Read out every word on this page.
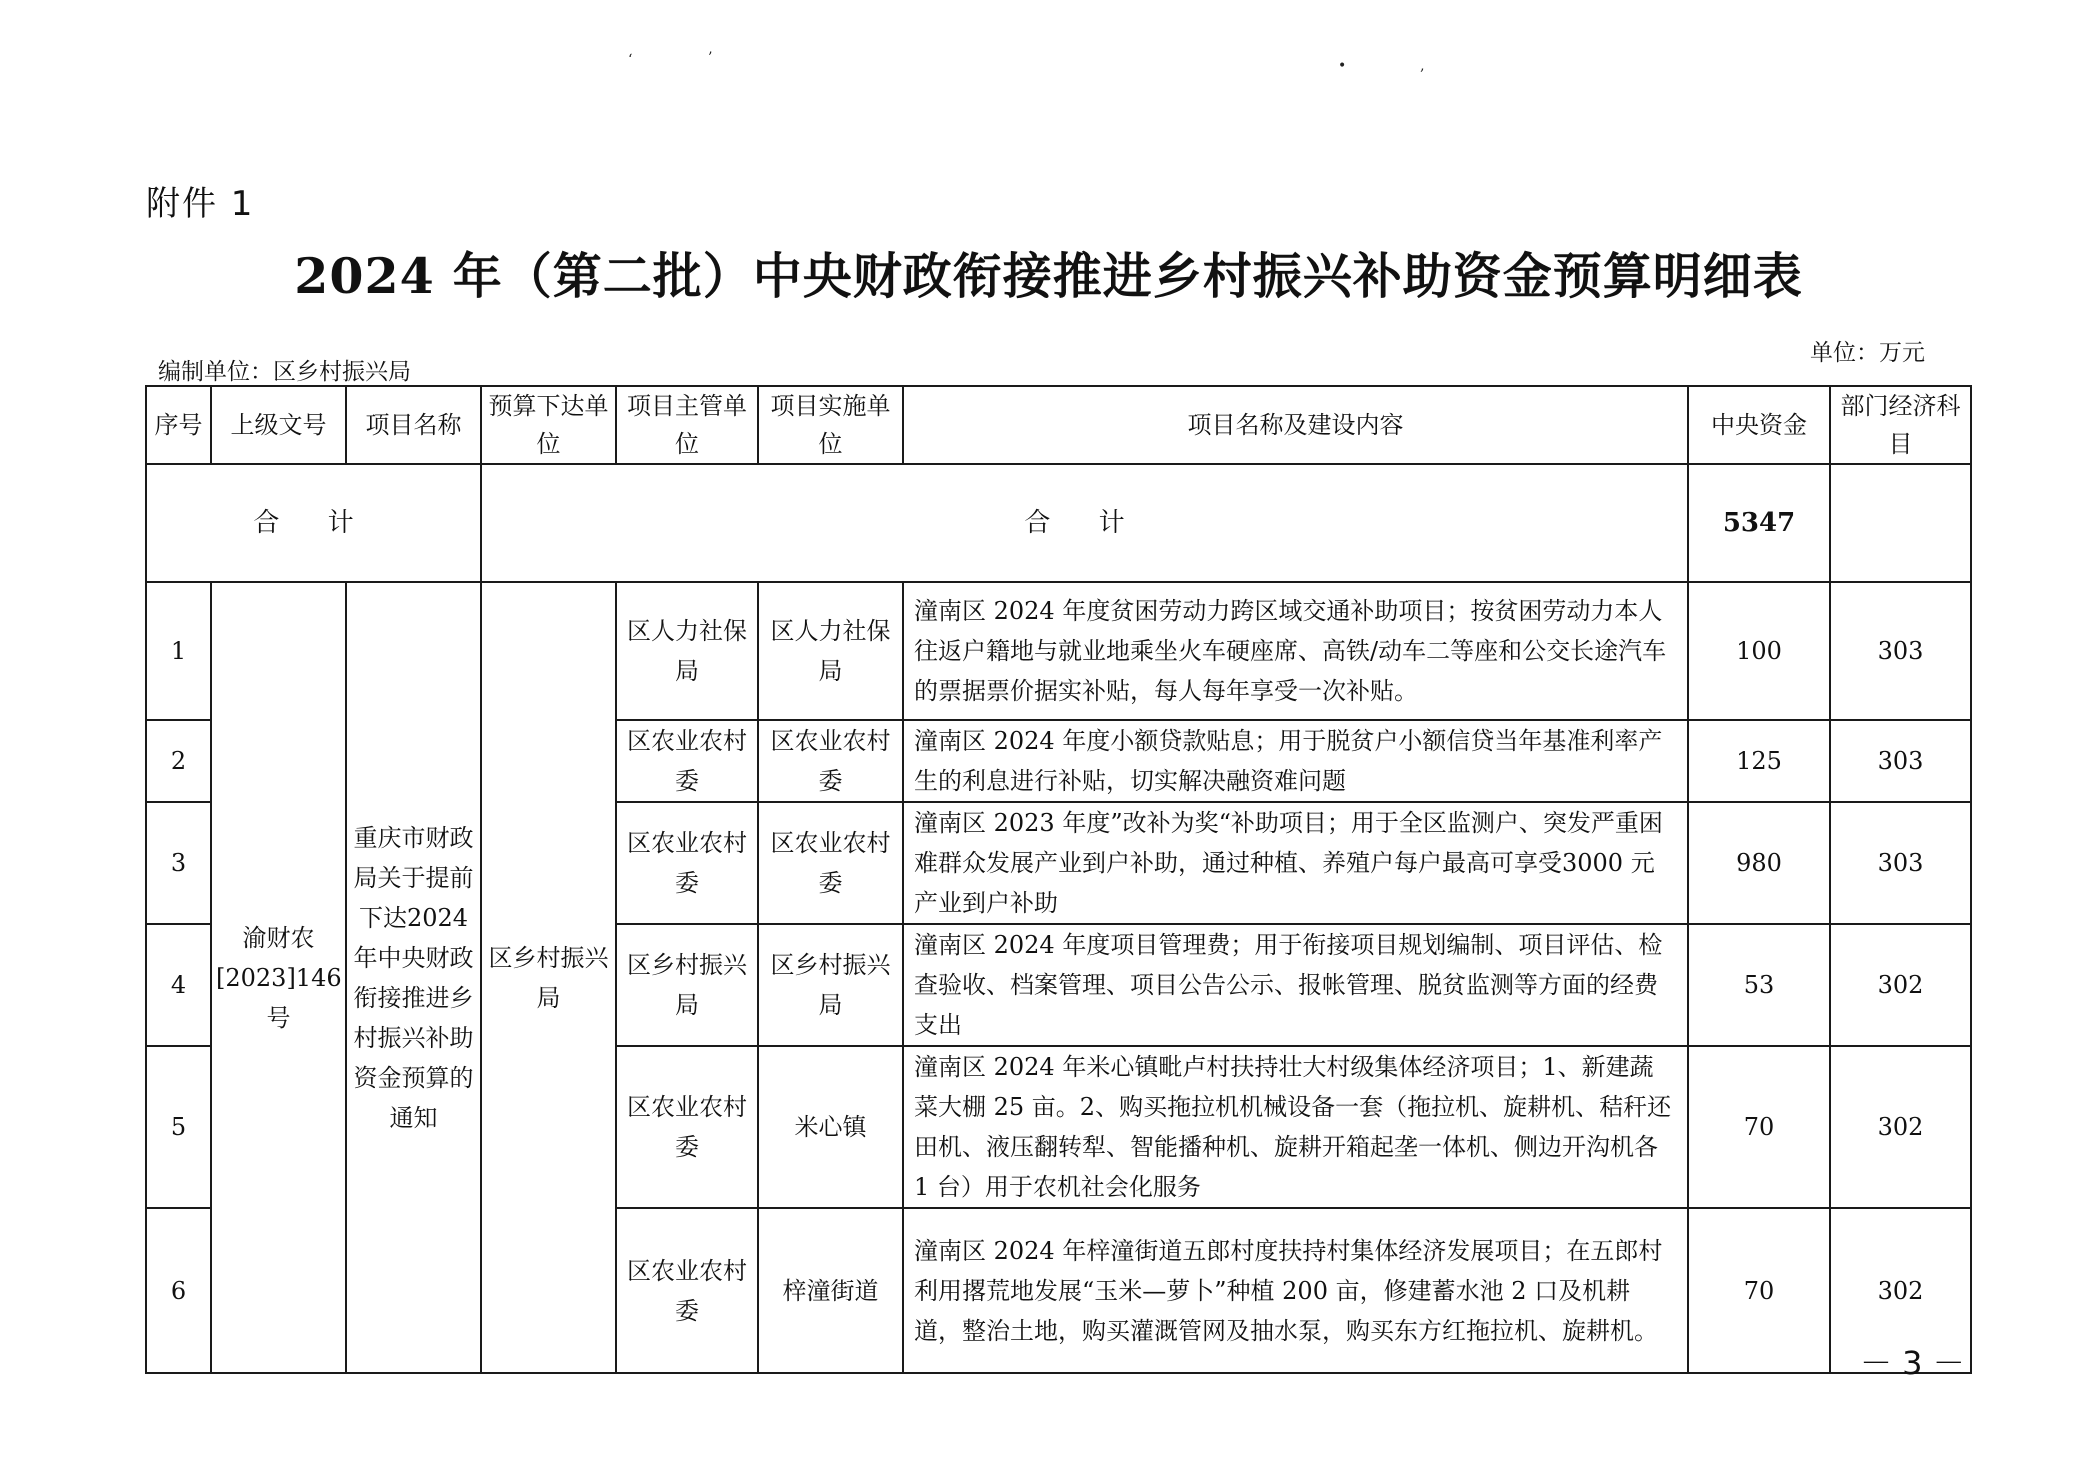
‘	’	•	‚
附件 1
2024 年（第二批）中央财政衔接推进乡村振兴补助资金预算明细表
编制单位：区乡村振兴局
单位：万元
序号	上级文号	项目名称	预算下达单位	项目主管单位	项目实施单位	项目名称及建设内容	中央资金	部门经济科目
合 计			合 计				5347	
1	渝财农[2023]146号	重庆市财政局关于提前下达2024年中央财政衔接推进乡村振兴补助资金预算的通知	区乡村振兴局	区人力社保局	区人力社保局	潼南区 2024 年度贫困劳动力跨区域交通补助项目；按贫困劳动力本人往返户籍地与就业地乘坐火车硬座席、高铁/动车二等座和公交长途汽车的票据票价据实补贴，每人每年享受一次补贴。	100	303
2				区农业农村委	区农业农村委	潼南区 2024 年度小额贷款贴息；用于脱贫户小额信贷当年基准利率产生的利息进行补贴，切实解决融资难问题	125	303
3				区农业农村委	区农业农村委	潼南区 2023 年度”改补为奖“补助项目；用于全区监测户、突发严重困难群众发展产业到户补助，通过种植、养殖户每户最高可享受3000 元产业到户补助	980	303
4				区乡村振兴局	区乡村振兴局	潼南区 2024 年度项目管理费；用于衔接项目规划编制、项目评估、检查验收、档案管理、项目公告公示、报帐管理、脱贫监测等方面的经费支出	53	302
5				区农业农村委	米心镇	潼南区 2024 年米心镇毗卢村扶持壮大村级集体经济项目；1、新建蔬菜大棚 25 亩。2、购买拖拉机机械设备一套（拖拉机、旋耕机、秸秆还田机、液压翻转犁、智能播种机、旋耕开箱起垄一体机、侧边开沟机各 1 台）用于农机社会化服务	70	302
6				区农业农村委	梓潼街道	潼南区 2024 年梓潼街道五郎村度扶持村集体经济发展项目；在五郎村利用撂荒地发展“玉米—萝卜”种植 200 亩，修建蓄水池 2 口及机耕道，整治土地，购买灌溉管网及抽水泵，购买东方红拖拉机、旋耕机。	70	302
－ 3 －
